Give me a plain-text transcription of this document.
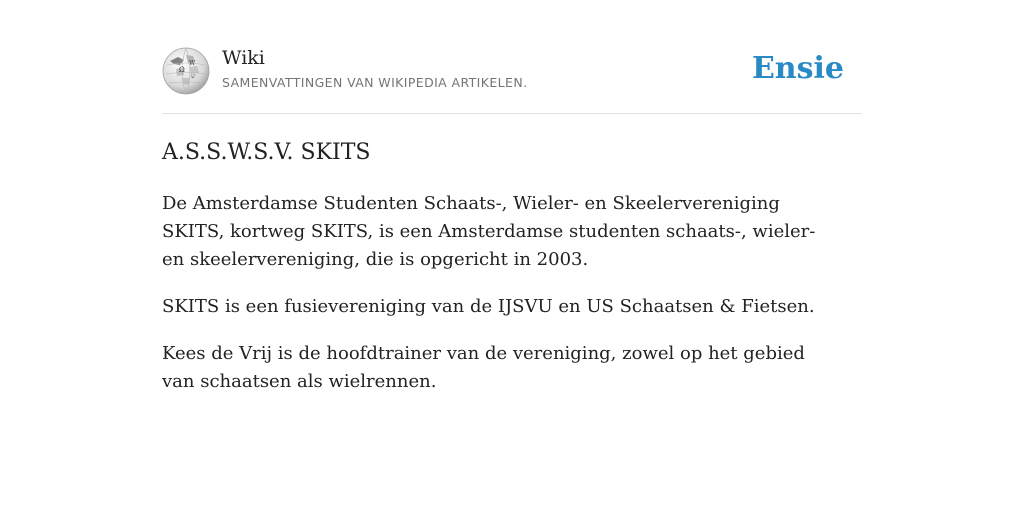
Ω
W
ש
Wiki
SAMENVATTINGEN VAN WIKIPEDIA ARTIKELEN.	Ensie
A.S.S.W.S.V. SKITS

De Amsterdamse Studenten Schaats-, Wieler- en Skeelervereniging SKITS, kortweg SKITS, is een Amsterdamse studenten schaats-, wieler- en skeelervereniging, die is opgericht in 2003.

SKITS is een fusievereniging van de IJSVU en US Schaatsen & Fietsen.

Kees de Vrij is de hoofdtrainer van de vereniging, zowel op het gebied van schaatsen als wielrennen.
